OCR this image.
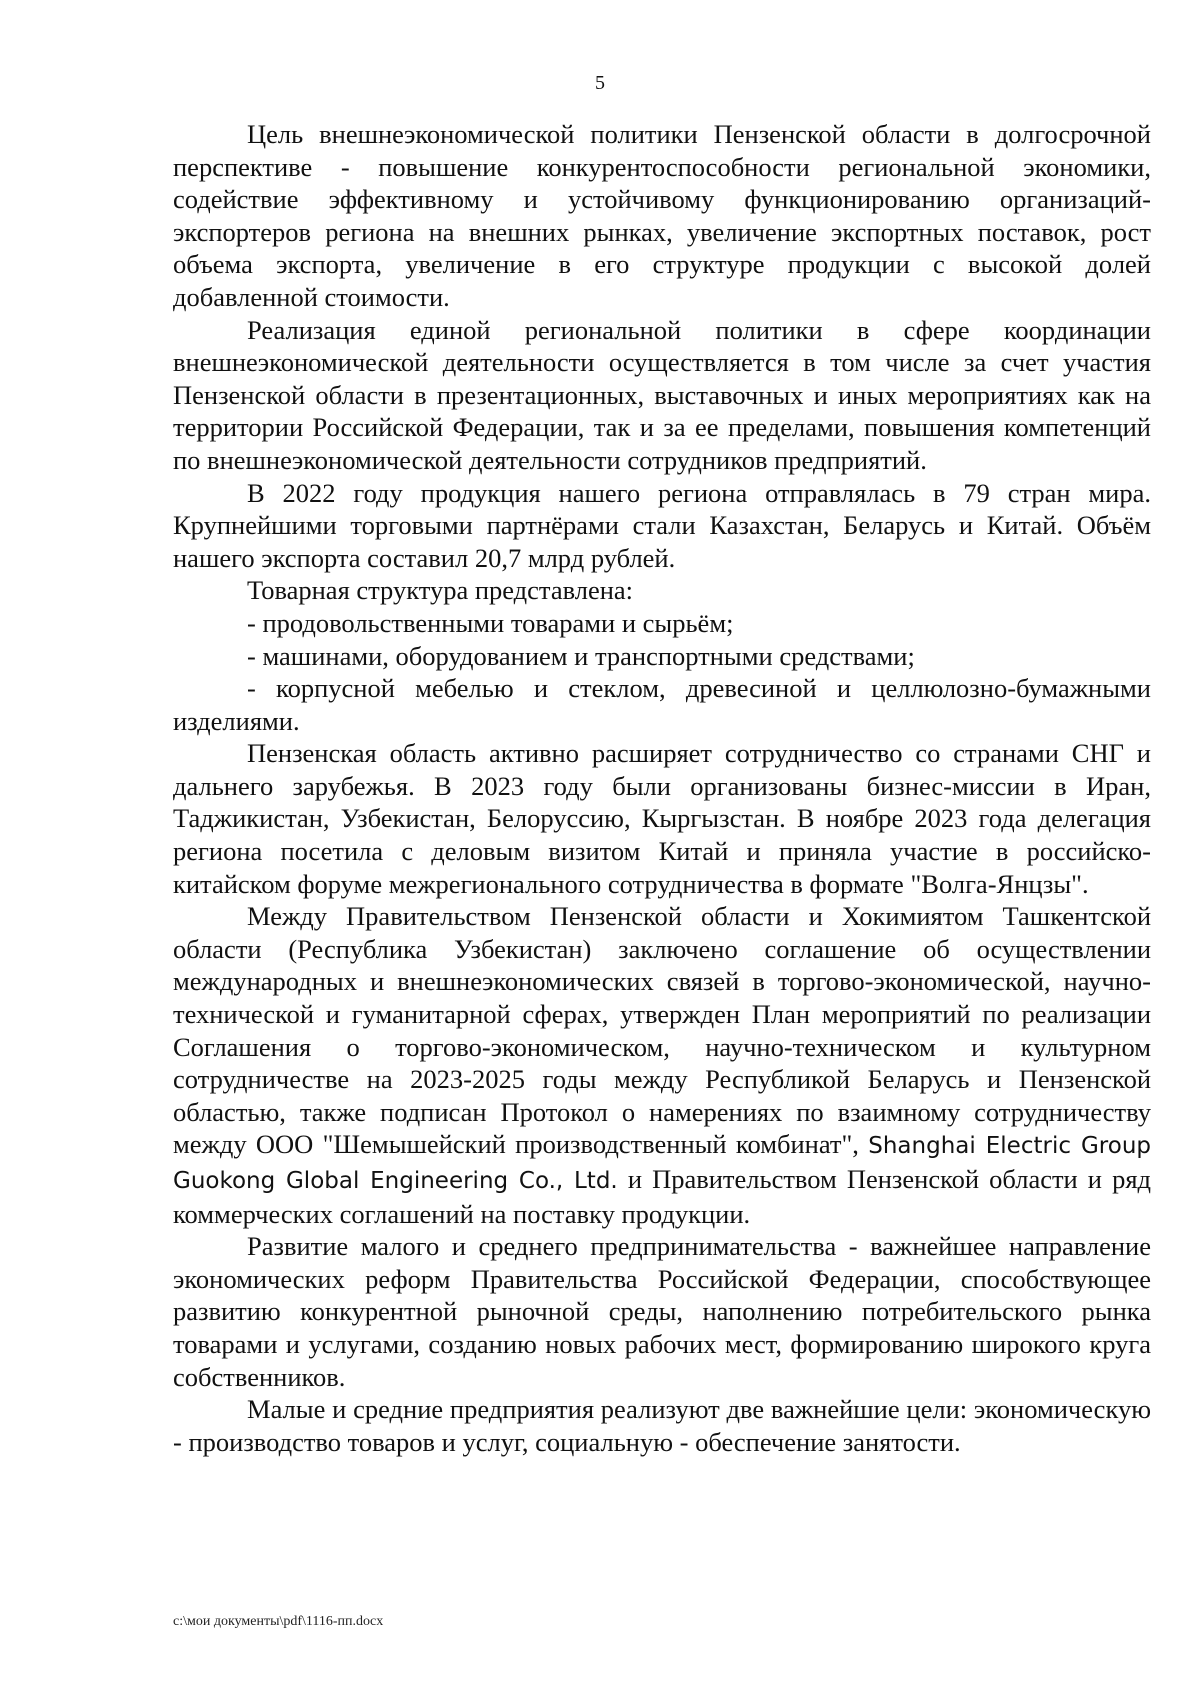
5

Цель внешнеэкономической политики Пензенской области в долгосрочной перспективе - повышение конкурентоспособности региональной экономики, содействие эффективному и устойчивому функционированию организаций-экспортеров региона на внешних рынках, увеличение экспортных поставок, рост объема экспорта, увеличение в его структуре продукции с высокой долей добавленной стоимости.

Реализация единой региональной политики в сфере координации внешнеэкономической деятельности осуществляется в том числе за счет участия Пензенской области в презентационных, выставочных и иных мероприятиях как на территории Российской Федерации, так и за ее пределами, повышения компетенций по внешнеэкономической деятельности сотрудников предприятий.

В 2022 году продукция нашего региона отправлялась в 79 стран мира. Крупнейшими торговыми партнёрами стали Казахстан, Беларусь и Китай. Объём нашего экспорта составил 20,7 млрд рублей.

Товарная структура представлена:

- продовольственными товарами и сырьём;

- машинами, оборудованием и транспортными средствами;

- корпусной мебелью и стеклом, древесиной и целлюлозно-бумажными изделиями.

Пензенская область активно расширяет сотрудничество со странами СНГ и дальнего зарубежья. В 2023 году были организованы бизнес-миссии в Иран, Таджикистан, Узбекистан, Белоруссию, Кыргызстан. В ноябре 2023 года делегация региона посетила с деловым визитом Китай и приняла участие в российско-китайском форуме межрегионального сотрудничества в формате "Волга-Янцзы".

Между Правительством Пензенской области и Хокимиятом Ташкентской области (Республика Узбекистан) заключено соглашение об осуществлении международных и внешнеэкономических связей в торгово-экономической, научно-технической и гуманитарной сферах, утвержден План мероприятий по реализации Соглашения о торгово-экономическом, научно-техническом и культурном сотрудничестве на 2023-2025 годы между Республикой Беларусь и Пензенской областью, также подписан Протокол о намерениях по взаимному сотрудничеству между ООО "Шемышейский производственный комбинат", Shanghai Electric Group Guokong Global Engineering Co., Ltd. и Правительством Пензенской области и ряд коммерческих соглашений на поставку продукции.

Развитие малого и среднего предпринимательства - важнейшее направление экономических реформ Правительства Российской Федерации, способствующее развитию конкурентной рыночной среды, наполнению потребительского рынка товарами и услугами, созданию новых рабочих мест, формированию широкого круга собственников.

Малые и средние предприятия реализуют две важнейшие цели: экономическую - производство товаров и услуг, социальную - обеспечение занятости.

c:\мои документы\pdf\1116-пп.docx
